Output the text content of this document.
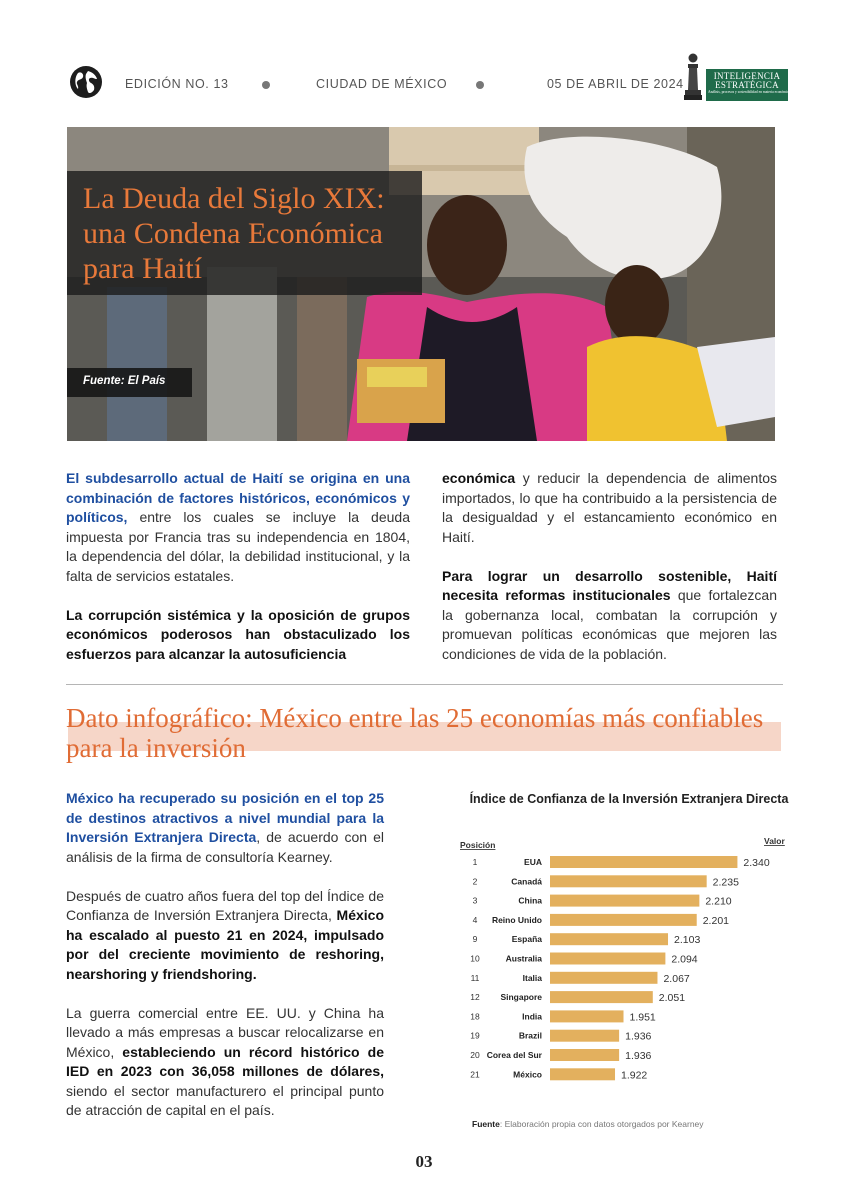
EDICIÓN NO. 13	CIUDAD DE MÉXICO	05 DE ABRIL DE 2024
INTELIGENCIA
ESTRATÉGICA
Análisis, procesos y sostenibilidad en materia económica, social y política
La Deuda del Siglo XIX: una Condena Económica para Haití
Fuente: El País

El subdesarrollo actual de Haití se origina en una combinación de factores históricos, económicos y políticos, entre los cuales se incluye la deuda impuesta por Francia tras su independencia en 1804, la dependencia del dólar, la debilidad institucional, y la falta de servicios estatales.

La corrupción sistémica y la oposición de grupos económicos poderosos han obstaculizado los esfuerzos para alcanzar la autosuficiencia

económica y reducir la dependencia de alimentos importados, lo que ha contribuido a la persistencia de la desigualdad y el estancamiento económico en Haití.

Para lograr un desarrollo sostenible, Haití necesita reformas institucionales que fortalezcan la gobernanza local, combatan la corrupción y promuevan políticas económicas que mejoren las condiciones de vida de la población.

Dato infográfico: México entre las 25 economías más confiables para la inversión

México ha recuperado su posición en el top 25 de destinos atractivos a nivel mundial para la Inversión Extranjera Directa, de acuerdo con el análisis de la firma de consultoría Kearney.

Después de cuatro años fuera del top del Índice de Confianza de Inversión Extranjera Directa, México ha escalado al puesto 21 en 2024, impulsado por del creciente movimiento de reshoring, nearshoring y friendshoring.

La guerra comercial entre EE. UU. y China ha llevado a más empresas a buscar relocalizarse en México, estableciendo un récord histórico de IED en 2023 con 36,058 millones de dólares, siendo el sector manufacturero el principal punto de atracción de capital en el país.

Índice de Confianza de la Inversión Extranjera Directa
Posición	Valor
1	EUA	2.340
2	Canadá	2.235
3	China	2.210
4 Reino Unido	2.201
9	España	2.103
10	Australia	2.094
11	Italia	2.067
12 Singapore	2.051
18	India	1.951
19	Brazil	1.936
20 Corea del Sur	1.936
21	México	1.922
Fuente: Elaboración propia con datos otorgados por Kearney
03
